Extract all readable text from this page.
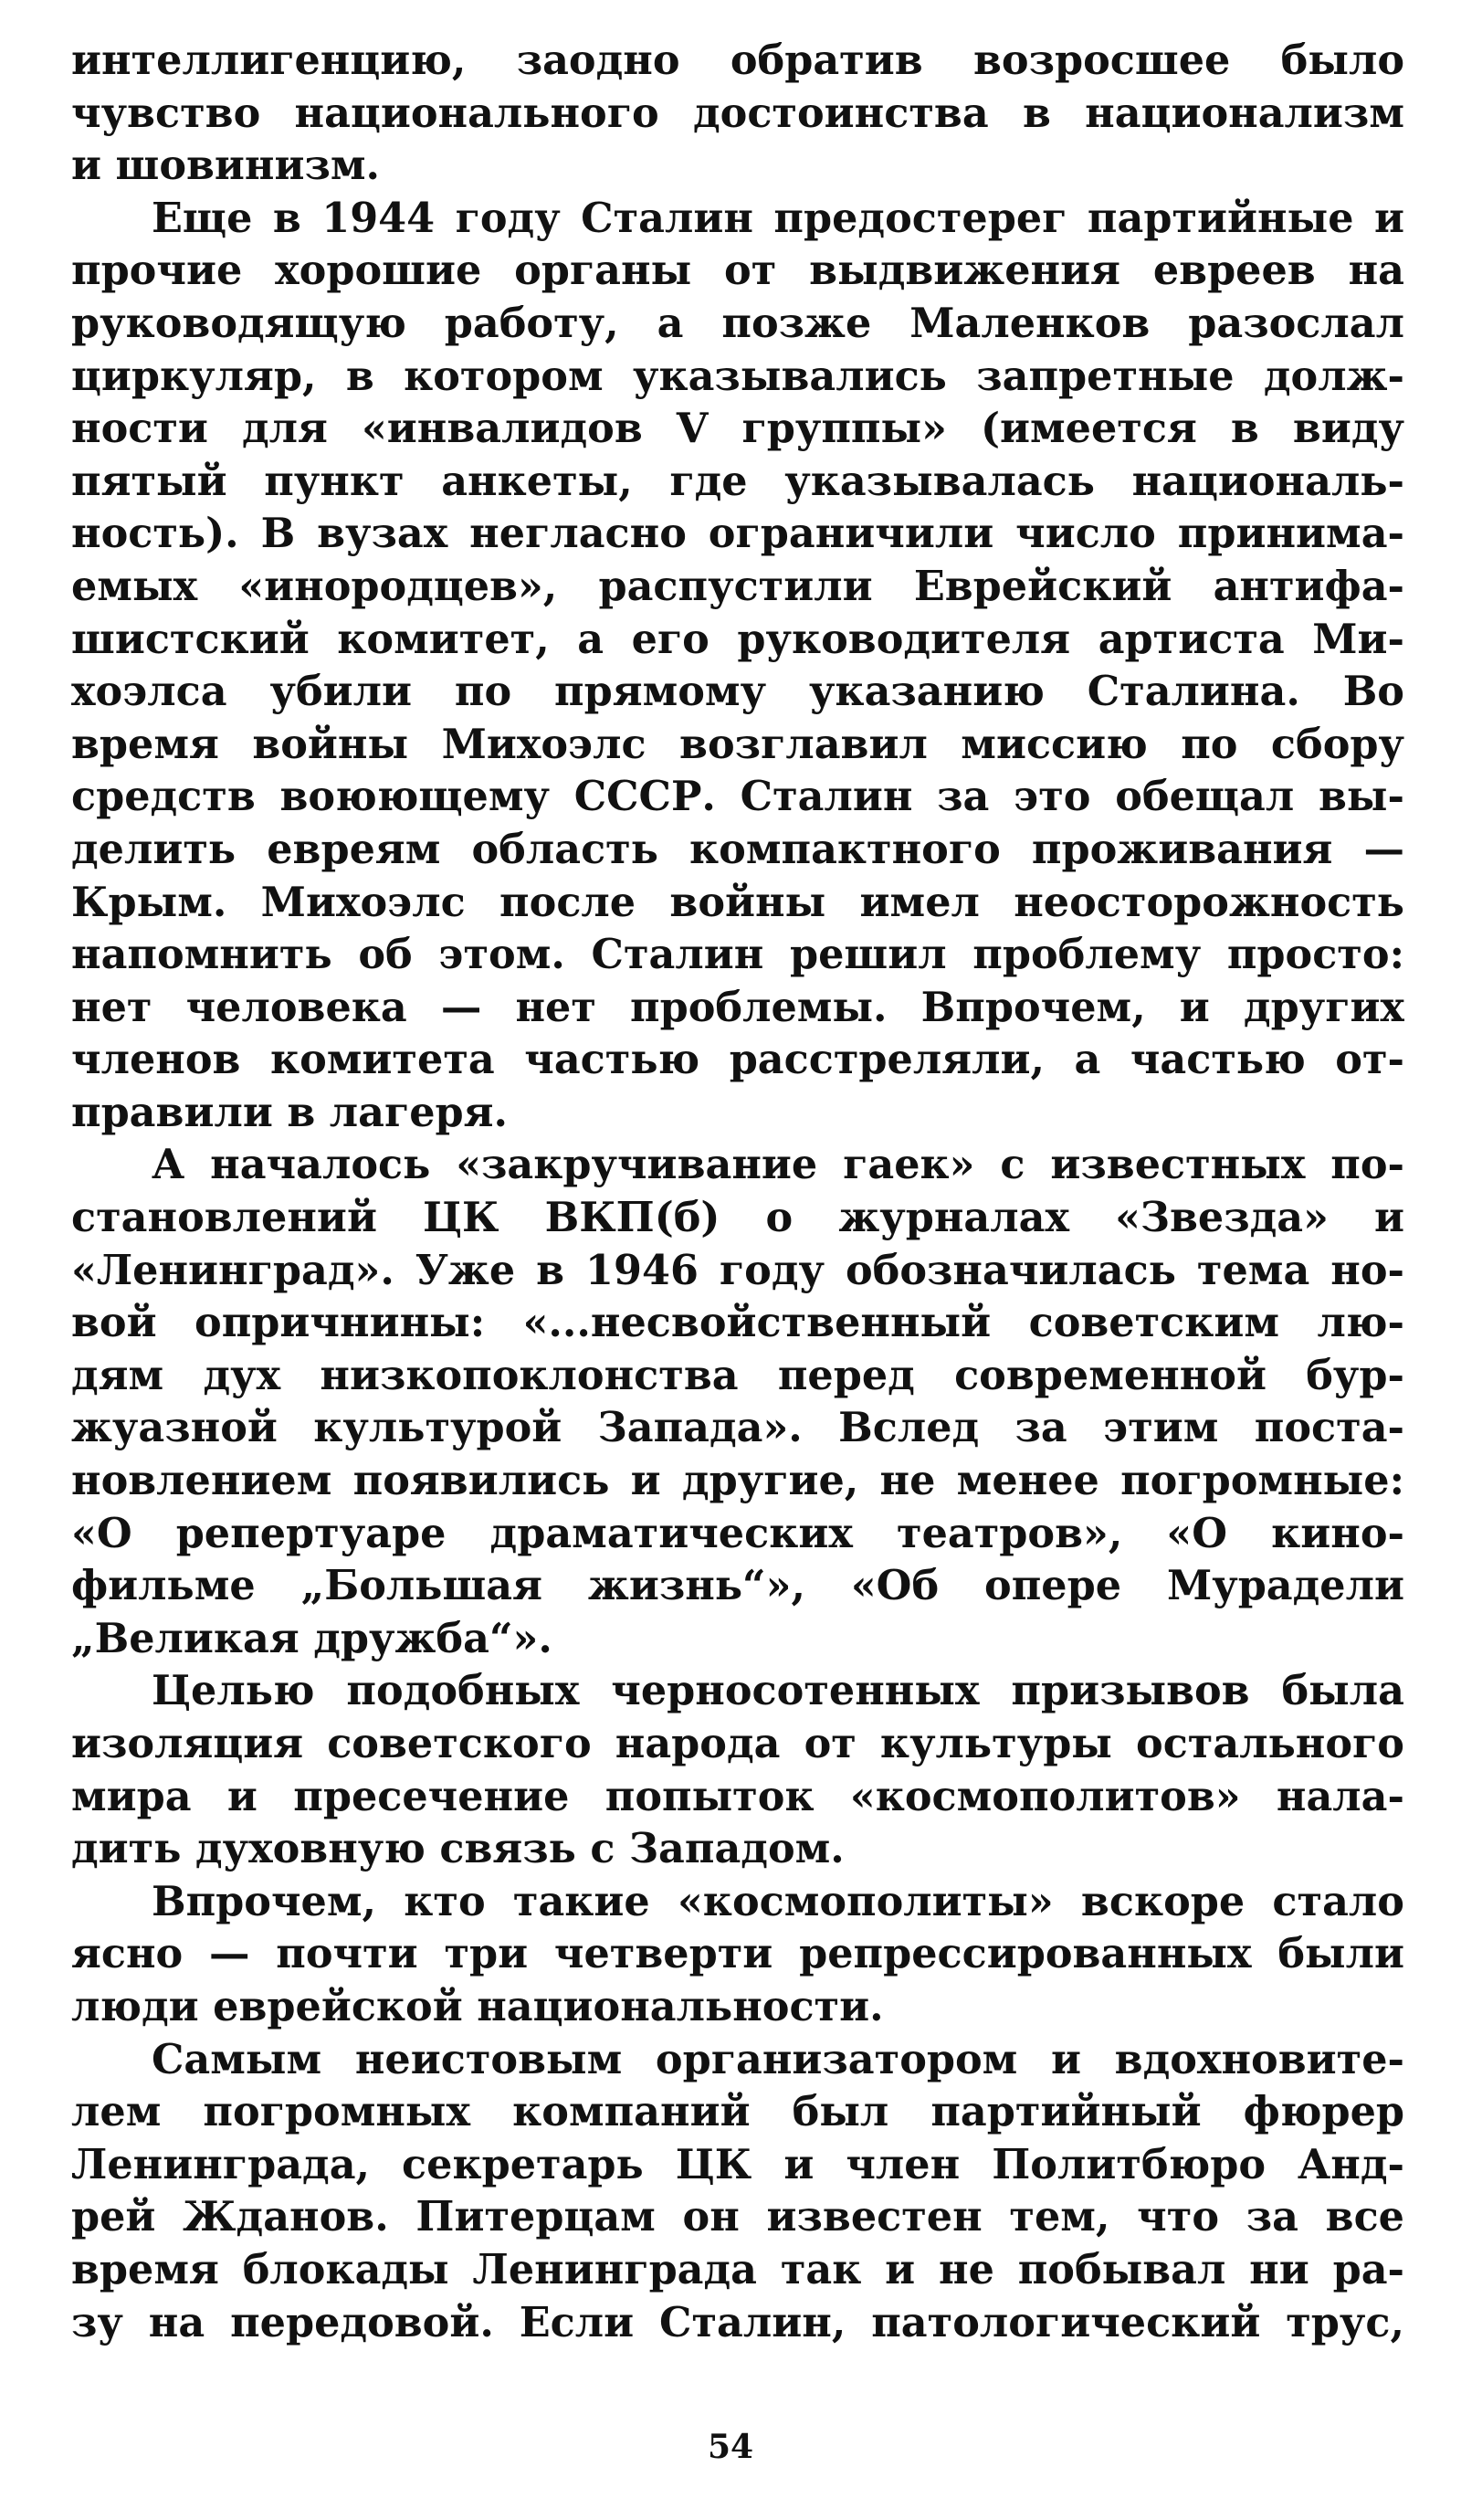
интеллигенцию, заодно обратив возросшее было
чувство национального достоинства в национализм
и шовинизм.
Еще в 1944 году Сталин предостерег партийные и
прочие хорошие органы от выдвижения евреев на
руководящую работу, а позже Маленков разослал
циркуляр, в котором указывались запретные долж-
ности для «инвалидов V группы» (имеется в виду
пятый пункт анкеты, где указывалась националь-
ность). В вузах негласно ограничили число принима-
емых «инородцев», распустили Еврейский антифа-
шистский комитет, а его руководителя артиста Ми-
хоэлса убили по прямому указанию Сталина. Во
время войны Михоэлс возглавил миссию по сбору
средств воюющему СССР. Сталин за это обещал вы-
делить евреям область компактного проживания —
Крым. Михоэлс после войны имел неосторожность
напомнить об этом. Сталин решил проблему просто:
нет человека — нет проблемы. Впрочем, и других
членов комитета частью расстреляли, а частью от-
правили в лагеря.
А началось «закручивание гаек» с известных по-
становлений ЦК ВКП(б) о журналах «Звезда» и
«Ленинград». Уже в 1946 году обозначилась тема но-
вой опричнины: «...несвойственный советским лю-
дям дух низкопоклонства перед современной бур-
жуазной культурой Запада». Вслед за этим поста-
новлением появились и другие, не менее погромные:
«О репертуаре драматических театров», «О кино-
фильме „Большая жизнь“», «Об опере Мурадели
„Великая дружба“».
Целью подобных черносотенных призывов была
изоляция советского народа от культуры остального
мира и пресечение попыток «космополитов» нала-
дить духовную связь с Западом.
Впрочем, кто такие «космополиты» вскоре стало
ясно — почти три четверти репрессированных были
люди еврейской национальности.
Самым неистовым организатором и вдохновите-
лем погромных компаний был партийный фюрер
Ленинграда, секретарь ЦК и член Политбюро Анд-
рей Жданов. Питерцам он известен тем, что за все
время блокады Ленинграда так и не побывал ни ра-
зу на передовой. Если Сталин, патологический трус,
54
